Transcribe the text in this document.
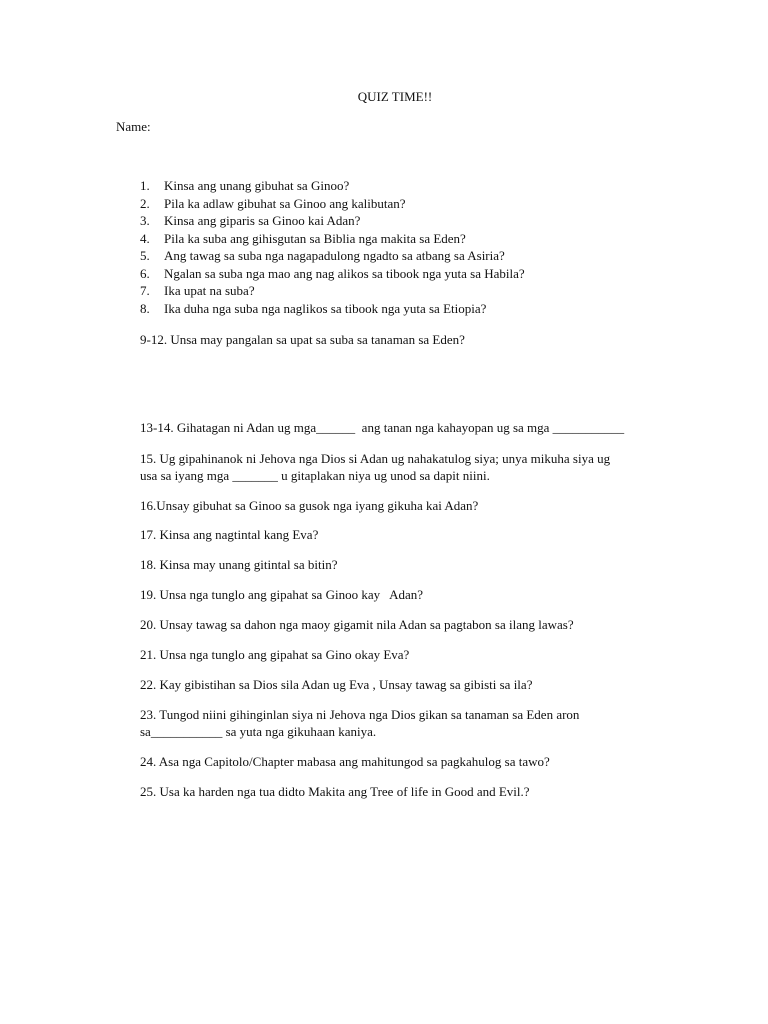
QUIZ TIME!!
Name:
1.	Kinsa ang unang gibuhat sa Ginoo?
2.	Pila ka adlaw gibuhat sa Ginoo ang kalibutan?
3.	Kinsa ang giparis sa Ginoo kai Adan?
4.	Pila ka suba ang gihisgutan sa Biblia nga makita sa Eden?
5.	Ang tawag sa suba nga nagapadulong ngadto sa atbang sa Asiria?
6.	Ngalan sa suba nga mao ang nag alikos sa tibook nga yuta sa Habila?
7.	Ika upat na suba?
8.	Ika duha nga suba nga naglikos sa tibook nga yuta sa Etiopia?
9-12. Unsa may pangalan sa upat sa suba sa tanaman sa Eden?
13-14. Gihatagan ni Adan ug mga______  ang tanan nga kahayopan ug sa mga ___________
15. Ug gipahinanok ni Jehova nga Dios si Adan ug nahakatulog siya; unya mikuha siya ug
usa sa iyang mga _______ u gitaplakan niya ug unod sa dapit niini.
16.Unsay gibuhat sa Ginoo sa gusok nga iyang gikuha kai Adan?
17. Kinsa ang nagtintal kang Eva?
18. Kinsa may unang gitintal sa bitin?
19. Unsa nga tunglo ang gipahat sa Ginoo kay   Adan?
20. Unsay tawag sa dahon nga maoy gigamit nila Adan sa pagtabon sa ilang lawas?
21. Unsa nga tunglo ang gipahat sa Gino okay Eva?
22. Kay gibistihan sa Dios sila Adan ug Eva , Unsay tawag sa gibisti sa ila?
23. Tungod niini gihinginlan siya ni Jehova nga Dios gikan sa tanaman sa Eden aron
sa___________ sa yuta nga gikuhaan kaniya.
24. Asa nga Capitolo/Chapter mabasa ang mahitungod sa pagkahulog sa tawo?
25. Usa ka harden nga tua didto Makita ang Tree of life in Good and Evil.?
